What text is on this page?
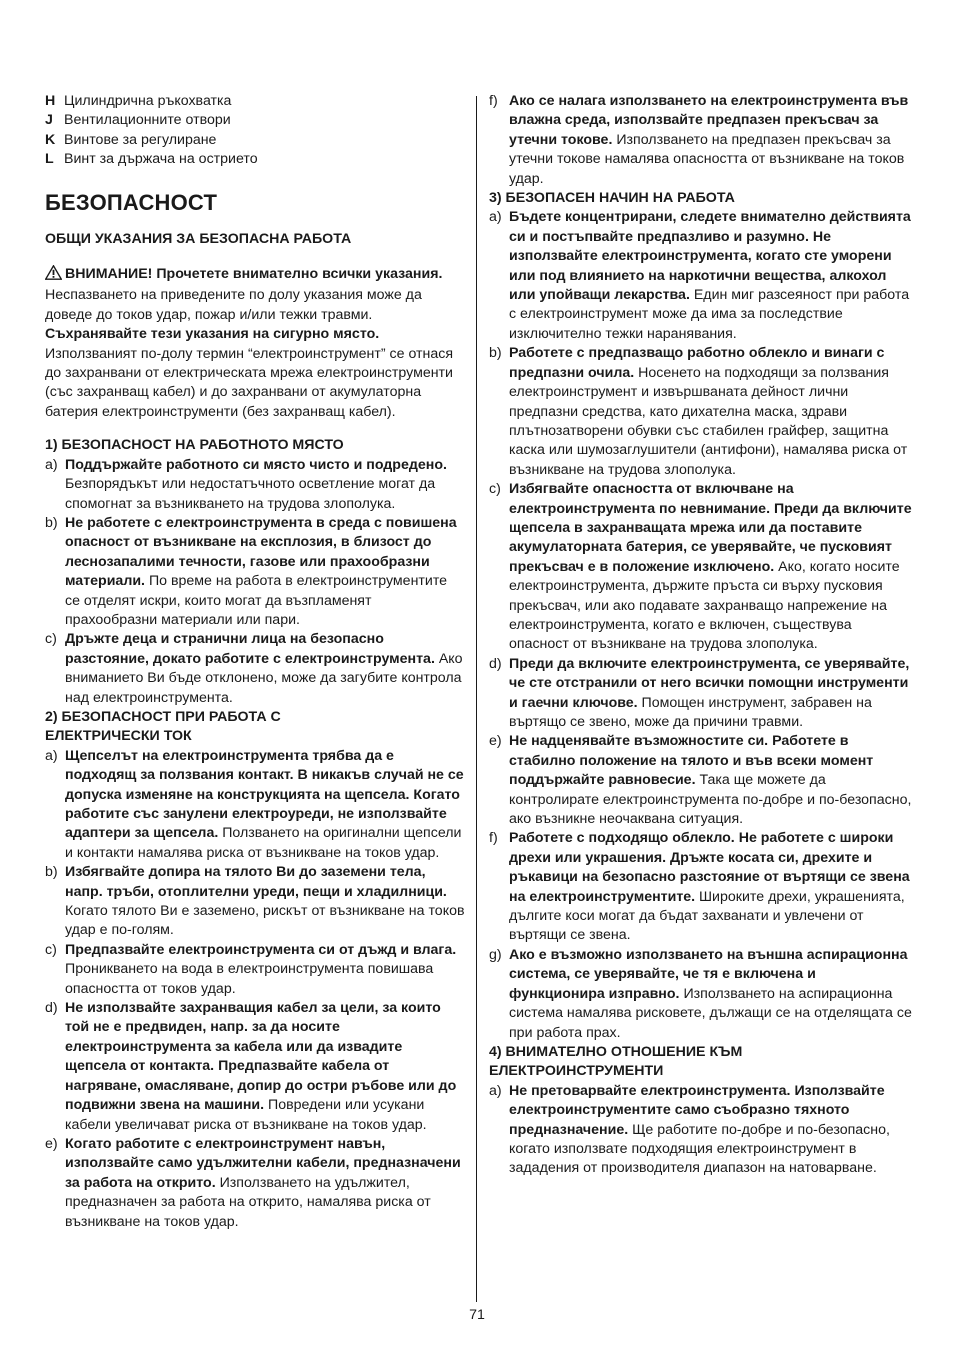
H Цилиндрична ръкохватка
J Вентилационните отвори
K Винтове за регулиране
L Винт за държача на острието
БЕЗОПАСНОСТ
ОБЩИ УКАЗАНИЯ ЗА БЕЗОПАСНА РАБОТА
ВНИМАНИЕ! Прочетете внимателно всички указания. Неспазването на приведените по долу указания може да доведе до токов удар, пожар и/или тежки травми. Съхранявайте тези указания на сигурно място. Използваният по-долу термин “електроинструмент” се отнася до захранвани от електрическата мрежа електроинструменти (със захранващ кабел) и до захранвани от акумулаторна батерия електроинструменти (без захранващ кабел).
1) БЕЗОПАСНОСТ НА РАБОТНОТО МЯСТО
a) Поддържайте работното си място чисто и подредено. Безпорядъкът или недостатъчното осветление могат да спомогнат за възникването на трудова злополука.
b) Не работете с електроинструмента в среда с повишена опасност от възникване на експлозия, в близост до леснозапалими течности, газове или прахообразни материали. По време на работа в електроинструментите се отделят искри, които могат да възпламенят прахообразни материали или пари.
c) Дръжте деца и странични лица на безопасно разстояние, докато работите с електроинструмента. Ако вниманието Ви бъде отклонено, може да загубите контрола над електроинструмента.
2) БЕЗОПАСНОСТ ПРИ РАБОТА С ЕЛЕКТРИЧЕСКИ ТОК
a) Щепселът на електроинструмента трябва да е подходящ за ползвания контакт. В никакъв случай не се допуска изменяне на конструкцията на щепсела. Когато работите със занулени електроуреди, не използвайте адаптери за щепсела. Ползването на оригинални щепсели и контакти намалява риска от възникване на токов удар.
b) Избягвайте допира на тялото Ви до заземени тела, напр. тръби, отоплителни уреди, пещи и хладилници. Когато тялото Ви е заземено, рискът от възникване на токов удар е по-голям.
c) Предпазвайте електроинструмента си от дъжд и влага. Проникването на вода в електроинструмента повишава опасността от токов удар.
d) Не използвайте захранващия кабел за цели, за които той не е предвиден, напр. за да носите електроинструмента за кабела или да извадите щепсела от контакта. Предпазвайте кабела от нагряване, омасляване, допир до остри ръбове или до подвижни звена на машини. Повредени или усукани кабели увеличават риска от възникване на токов удар.
e) Когато работите с електроинструмент навън, използвайте само удължителни кабели, предназначени за работа на открито. Използването на удължител, предназначен за работа на открито, намалява риска от възникване на токов удар.
f) Ако се налага използването на електроинструмента във влажна среда, използвайте предпазен прекъсвач за утечни токове. Използването на предпазен прекъсвач за утечни токове намалява опасността от възникване на токов удар.
3) БЕЗОПАСЕН НАЧИН НА РАБОТА
a) Бъдете концентрирани, следете внимателно действията си и постъпвайте предпазливо и разумно. Не използвайте електроинструмента, когато сте уморени или под влиянието на наркотични вещества, алкохол или упойващи лекарства. Един миг разсеяност при работа с електроинструмент може да има за последствие изключително тежки наранявания.
b) Работете с предпазващо работно облекло и винаги с предпазни очила. Носенето на подходящи за ползвания електроинструмент и извършваната дейност лични предпазни средства, като дихателна маска, здрави плътнозатворени обувки със стабилен грайфер, защитна каска или шумозаглушители (антифони), намалява риска от възникване на трудова злополука.
c) Избягвайте опасността от включване на електроинструмента по невнимание. Преди да включите щепсела в захранващата мрежа или да поставите акумулаторната батерия, се уверявайте, че пусковият прекъсвач е в положение изключено. Ако, когато носите електроинструмента, държите пръста си върху пусковия прекъсвач, или ако подавате захранващо напрежение на електроинструмента, когато е включен, съществува опасност от възникване на трудова злополука.
d) Преди да включите електроинструмента, се уверявайте, че сте отстранили от него всички помощни инструменти и гаечни ключове. Помощен инструмент, забравен на въртящо се звено, може да причини травми.
e) Не надценявайте възможностите си. Работете в стабилно положение на тялото и във всеки момент поддържайте равновесие. Така ще можете да контролирате електроинструмента по-добре и по-безопасно, ако възникне неочаквана ситуация.
f) Работете с подходящо облекло. Не работете с широки дрехи или украшения. Дръжте косата си, дрехите и ръкавици на безопасно разстояние от въртящи се звена на електроинструментите. Широките дрехи, украшенията, дългите коси могат да бъдат захванати и увлечени от въртящи се звена.
g) Ако е възможно използването на външна аспирационна система, се уверявайте, че тя е включена и функционира изправно. Използването на аспирационна система намалява рисковете, дължащи се на отделящата се при работа прах.
4) ВНИМАТЕЛНО ОТНОШЕНИЕ КЪМ ЕЛЕКТРОИНСТРУМЕНТИ
a) Не претоварвайте електроинструмента. Използвайте електроинструментите само съобразно тяхното предназначение. Ще работите по-добре и по-безопасно, когато използвате подходящия електроинструмент в зададения от производителя диапазон на натоварване.
71
